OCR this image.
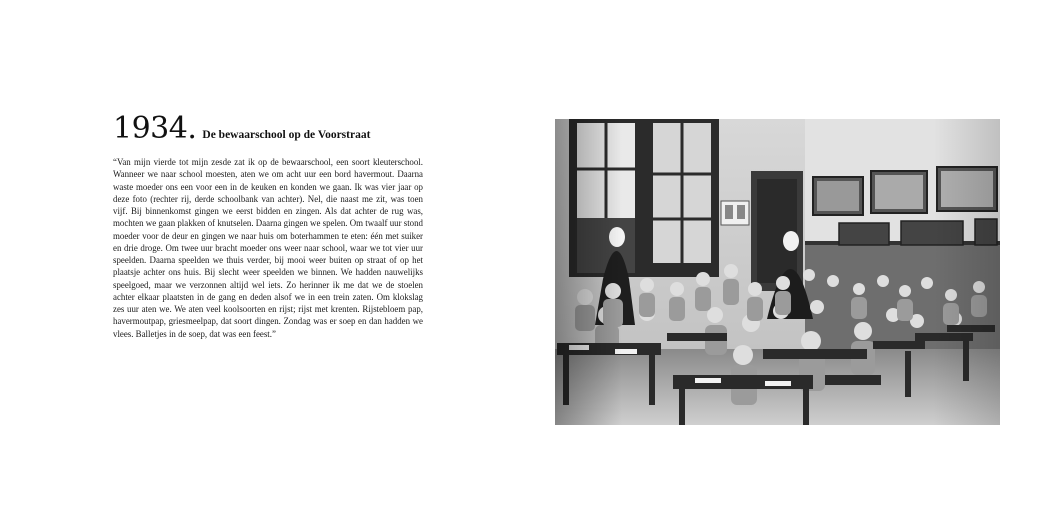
1934. De bewaarschool op de Voorstraat

“Van mijn vierde tot mijn zesde zat ik op de bewaarschool, een soort kleuterschool. Wanneer we naar school moesten, aten we om acht uur een bord havermout. Daarna waste moeder ons een voor een in de keuken en konden we gaan. Ik was vier jaar op deze foto (rechter rij, derde schoolbank van achter). Nel, die naast me zit, was toen vijf. Bij binnenkomst gingen we eerst bidden en zingen. Als dat achter de rug was, mochten we gaan plakken of knutselen. Daarna gingen we spelen. Om twaalf uur stond moeder voor de deur en gingen we naar huis om boterhammen te eten: één met suiker en drie droge. Om twee uur bracht moeder ons weer naar school, waar we tot vier uur speelden. Daarna speelden we thuis verder, bij mooi weer buiten op straat of op het plaatsje achter ons huis. Bij slecht weer speelden we binnen. We hadden nauwelijks speelgoed, maar we verzonnen altijd wel iets. Zo herinner ik me dat we de stoelen achter elkaar plaatsten in de gang en deden alsof we in een trein zaten. Om klokslag zes uur aten we. We aten veel koolsoorten en rijst; rijst met krenten. Rijstebloem pap, havermoutpap, griesmeelpap, dat soort dingen. Zondag was er soep en dan hadden we vlees. Balletjes in de soep, dat was een feest.”
